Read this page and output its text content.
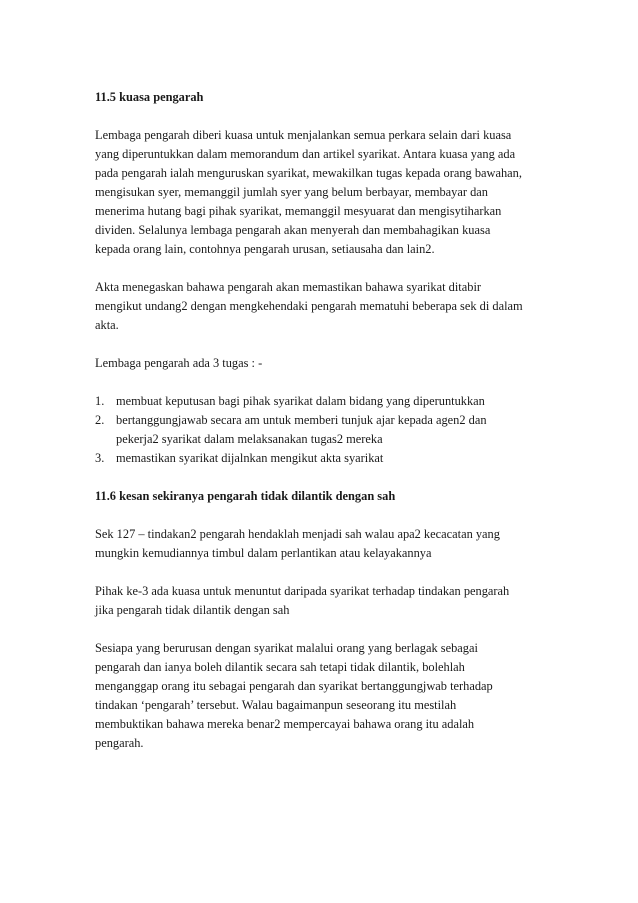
11.5 kuasa pengarah

Lembaga pengarah diberi kuasa untuk menjalankan semua perkara selain dari kuasa
yang diperuntukkan dalam memorandum dan artikel syarikat. Antara kuasa yang ada
pada pengarah ialah menguruskan syarikat, mewakilkan tugas kepada orang bawahan,
mengisukan syer, memanggil jumlah syer yang belum berbayar, membayar dan
menerima hutang bagi pihak syarikat, memanggil mesyuarat dan mengisytiharkan
dividen. Selalunya lembaga pengarah akan menyerah dan membahagikan kuasa
kepada orang lain, contohnya pengarah urusan, setiausaha dan lain2.

Akta menegaskan bahawa pengarah akan memastikan bahawa syarikat ditabir
mengikut undang2 dengan mengkehendaki pengarah mematuhi beberapa sek di dalam
akta.

Lembaga pengarah ada 3 tugas : -

1. membuat keputusan bagi pihak syarikat dalam bidang yang diperuntukkan
2. bertanggungjawab secara am untuk memberi tunjuk ajar kepada agen2 dan
pekerja2 syarikat dalam melaksanakan tugas2 mereka
3. memastikan syarikat dijalnkan mengikut akta syarikat

11.6 kesan sekiranya pengarah tidak dilantik dengan sah

Sek 127 – tindakan2 pengarah hendaklah menjadi sah walau apa2 kecacatan yang
mungkin kemudiannya timbul dalam perlantikan atau kelayakannya

Pihak ke-3 ada kuasa untuk menuntut daripada syarikat terhadap tindakan pengarah
jika pengarah tidak dilantik dengan sah

Sesiapa yang berurusan dengan syarikat malalui orang yang berlagak sebagai
pengarah dan ianya boleh dilantik secara sah tetapi tidak dilantik, bolehlah
menganggap orang itu sebagai pengarah dan syarikat bertanggungjwab terhadap
tindakan ‘pengarah’ tersebut. Walau bagaimanpun seseorang itu mestilah
membuktikan bahawa mereka benar2 mempercayai bahawa orang itu adalah
pengarah.
